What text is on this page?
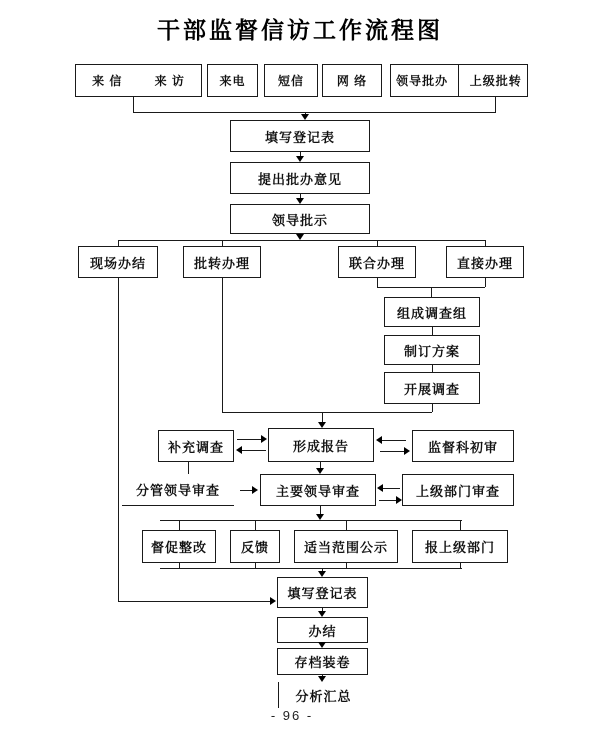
干部监督信访工作流程图
来 信	来 访	来电	短信	网 络 领导批办 上级批转
填写登记表
提出批办意见
领导批示
现场办结	批转办理	联合办理	直接办理
组成调查组
制订方案
开展调查
补充调查	形成报告	监督科初审
分管领导审查	主要领导审查	上级部门审查
督促整改	反馈	适当范围公示	报上级部门
填写登记表
办结
存档装卷
分析汇总
- 96 -
